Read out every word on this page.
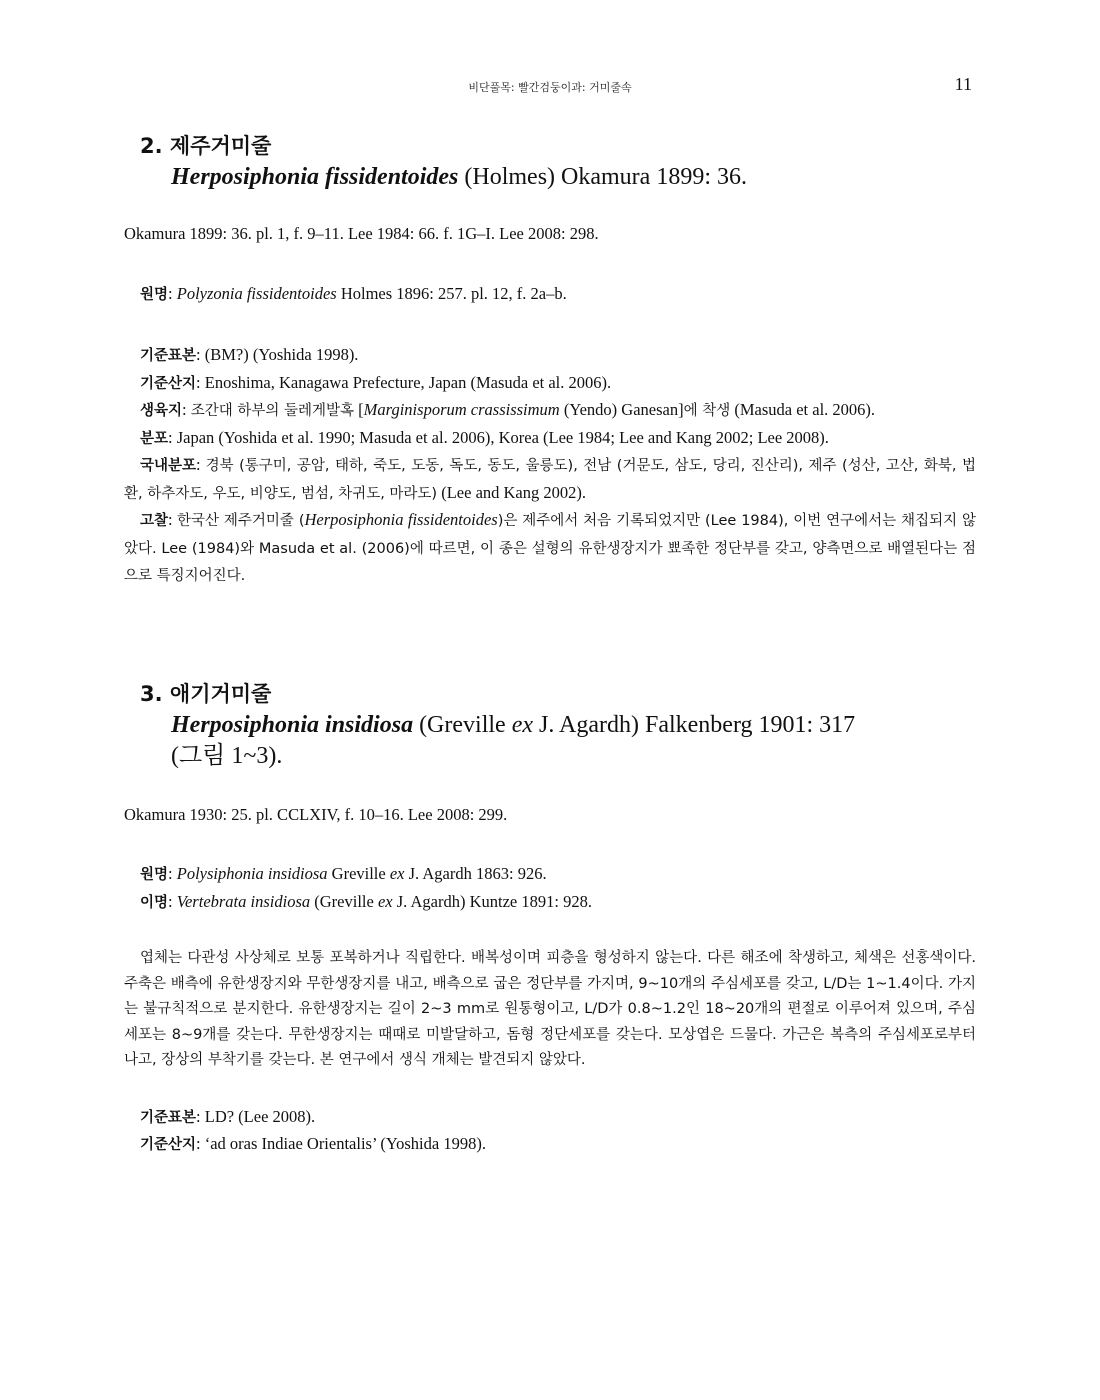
비단풀목: 빨간검둥이과: 거미줄속	11
2. 제주거미줄
Herposiphonia fissidentoides (Holmes) Okamura 1899: 36.

Okamura 1899: 36. pl. 1, f. 9–11. Lee 1984: 66. f. 1G–I. Lee 2008: 298.

원명: Polyzonia fissidentoides Holmes 1896: 257. pl. 12, f. 2a–b.

기준표본: (BM?) (Yoshida 1998).

기준산지: Enoshima, Kanagawa Prefecture, Japan (Masuda et al. 2006).

생육지: 조간대 하부의 둘레게발혹 [Marginisporum crassissimum (Yendo) Ganesan]에 착생 (Masuda et al. 2006).

분포: Japan (Yoshida et al. 1990; Masuda et al. 2006), Korea (Lee 1984; Lee and Kang 2002; Lee 2008).

국내분포: 경북 (통구미, 공암, 태하, 죽도, 도동, 독도, 동도, 울릉도), 전남 (거문도, 삼도, 당리, 진산리), 제주 (성산, 고산, 화북, 법환, 하추자도, 우도, 비양도, 범섬, 차귀도, 마라도) (Lee and Kang 2002).

고찰: 한국산 제주거미줄 (Herposiphonia fissidentoides)은 제주에서 처음 기록되었지만 (Lee 1984), 이번 연구에서는 채집되지 않았다. Lee (1984)와 Masuda et al. (2006)에 따르면, 이 종은 설형의 유한생장지가 뾰족한 정단부를 갖고, 양측면으로 배열된다는 점으로 특징지어진다.

3. 애기거미줄
Herposiphonia insidiosa (Greville ex J. Agardh) Falkenberg 1901: 317
(그림 1~3).

Okamura 1930: 25. pl. CCLXIV, f. 10–16. Lee 2008: 299.

원명: Polysiphonia insidiosa Greville ex J. Agardh 1863: 926.

이명: Vertebrata insidiosa (Greville ex J. Agardh) Kuntze 1891: 928.

엽체는 다관성 사상체로 보통 포복하거나 직립한다. 배복성이며 피층을 형성하지 않는다. 다른 해조에 착생하고, 체색은 선홍색이다. 주축은 배측에 유한생장지와 무한생장지를 내고, 배측으로 굽은 정단부를 가지며, 9~10개의 주심세포를 갖고, L/D는 1~1.4이다. 가지는 불규칙적으로 분지한다. 유한생장지는 길이 2~3 mm로 원통형이고, L/D가 0.8~1.2인 18~20개의 편절로 이루어져 있으며, 주심세포는 8~9개를 갖는다. 무한생장지는 때때로 미발달하고, 돔형 정단세포를 갖는다. 모상엽은 드물다. 가근은 복측의 주심세포로부터 나고, 장상의 부착기를 갖는다. 본 연구에서 생식 개체는 발견되지 않았다.

기준표본: LD? (Lee 2008).

기준산지: ‘ad oras Indiae Orientalis’ (Yoshida 1998).
